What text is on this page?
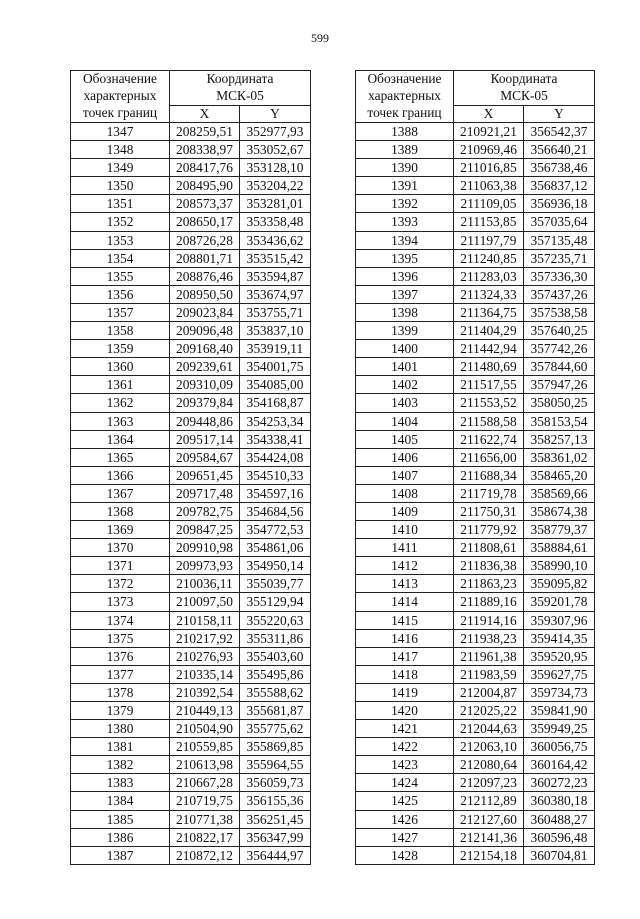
599
Обозначение
характерных
точек границ	Координата
МСК-05	
	X	Y
1347	208259,51	352977,93
1348	208338,97	353052,67
1349	208417,76	353128,10
1350	208495,90	353204,22
1351	208573,37	353281,01
1352	208650,17	353358,48
1353	208726,28	353436,62
1354	208801,71	353515,42
1355	208876,46	353594,87
1356	208950,50	353674,97
1357	209023,84	353755,71
1358	209096,48	353837,10
1359	209168,40	353919,11
1360	209239,61	354001,75
1361	209310,09	354085,00
1362	209379,84	354168,87
1363	209448,86	354253,34
1364	209517,14	354338,41
1365	209584,67	354424,08
1366	209651,45	354510,33
1367	209717,48	354597,16
1368	209782,75	354684,56
1369	209847,25	354772,53
1370	209910,98	354861,06
1371	209973,93	354950,14
1372	210036,11	355039,77
1373	210097,50	355129,94
1374	210158,11	355220,63
1375	210217,92	355311,86
1376	210276,93	355403,60
1377	210335,14	355495,86
1378	210392,54	355588,62
1379	210449,13	355681,87
1380	210504,90	355775,62
1381	210559,85	355869,85
1382	210613,98	355964,55
1383	210667,28	356059,73
1384	210719,75	356155,36
1385	210771,38	356251,45
1386	210822,17	356347,99
1387	210872,12	356444,97
Обозначение
характерных
точек границ	Координата
МСК-05	
	X	Y
1388	210921,21	356542,37
1389	210969,46	356640,21
1390	211016,85	356738,46
1391	211063,38	356837,12
1392	211109,05	356936,18
1393	211153,85	357035,64
1394	211197,79	357135,48
1395	211240,85	357235,71
1396	211283,03	357336,30
1397	211324,33	357437,26
1398	211364,75	357538,58
1399	211404,29	357640,25
1400	211442,94	357742,26
1401	211480,69	357844,60
1402	211517,55	357947,26
1403	211553,52	358050,25
1404	211588,58	358153,54
1405	211622,74	358257,13
1406	211656,00	358361,02
1407	211688,34	358465,20
1408	211719,78	358569,66
1409	211750,31	358674,38
1410	211779,92	358779,37
1411	211808,61	358884,61
1412	211836,38	358990,10
1413	211863,23	359095,82
1414	211889,16	359201,78
1415	211914,16	359307,96
1416	211938,23	359414,35
1417	211961,38	359520,95
1418	211983,59	359627,75
1419	212004,87	359734,73
1420	212025,22	359841,90
1421	212044,63	359949,25
1422	212063,10	360056,75
1423	212080,64	360164,42
1424	212097,23	360272,23
1425	212112,89	360380,18
1426	212127,60	360488,27
1427	212141,36	360596,48
1428	212154,18	360704,81
